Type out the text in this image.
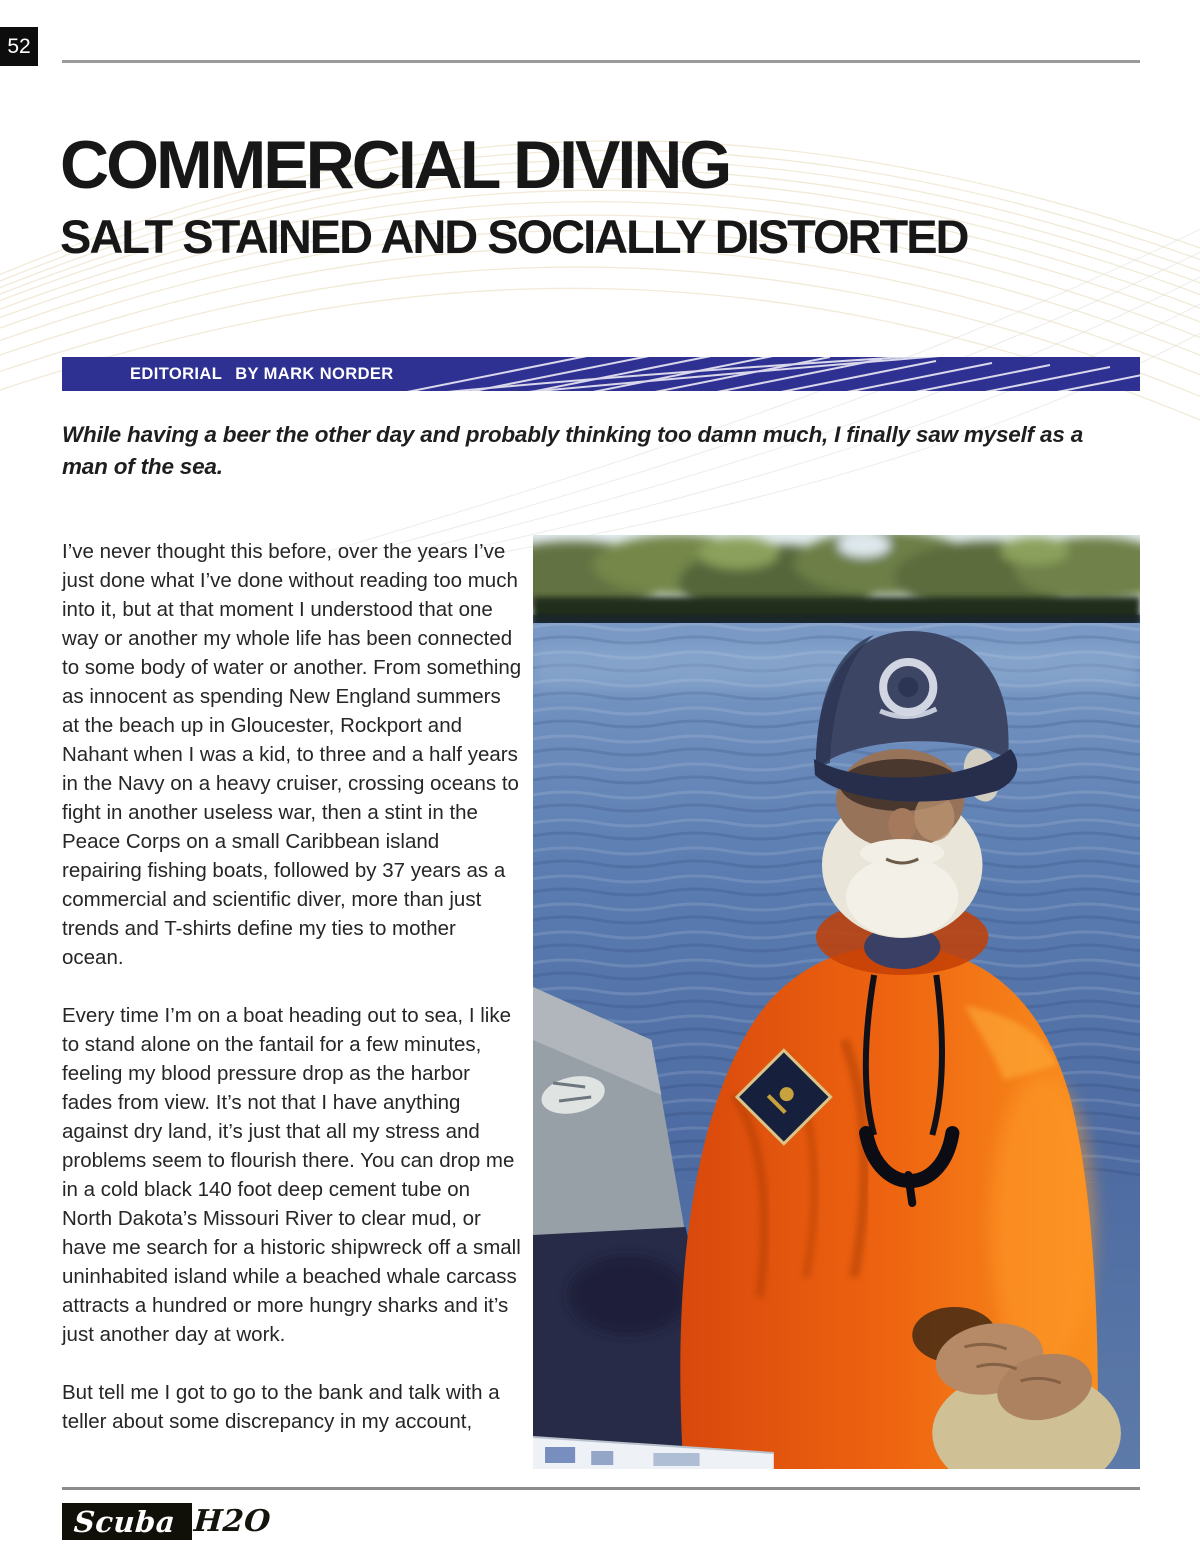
52
COMMERCIAL DIVING
SALT STAINED AND SOCIALLY DISTORTED
EDITORIAL BY MARK NORDER

While having a beer the other day and probably thinking too damn much, I finally saw myself as a man of the sea.

I’ve never thought this before, over the years I’ve just done what I’ve done without reading too much into it, but at that moment I understood that one way or another my whole life has been connected to some body of water or another. From something as innocent as spending New England summers at the beach up in Gloucester, Rockport and Nahant when I was a kid, to three and a half years in the Navy on a heavy cruiser, crossing oceans to fight in another useless war, then a stint in the Peace Corps on a small Caribbean island repairing fishing boats, followed by 37 years as a commercial and scientific diver, more than just trends and T-shirts define my ties to mother ocean.

Every time I’m on a boat heading out to sea, I like to stand alone on the fantail for a few minutes, feeling my blood pressure drop as the harbor fades from view. It’s not that I have anything against dry land, it’s just that all my stress and problems seem to flourish there. You can drop me in a cold black 140 foot deep cement tube on North Dakota’s Missouri River to clear mud, or have me search for a historic shipwreck off a small uninhabited island while a beached whale carcass attracts a hundred or more hungry sharks and it’s just another day at work.

But tell me I got to go to the bank and talk with a teller about some discrepancy in my account,

Scuba H2O
